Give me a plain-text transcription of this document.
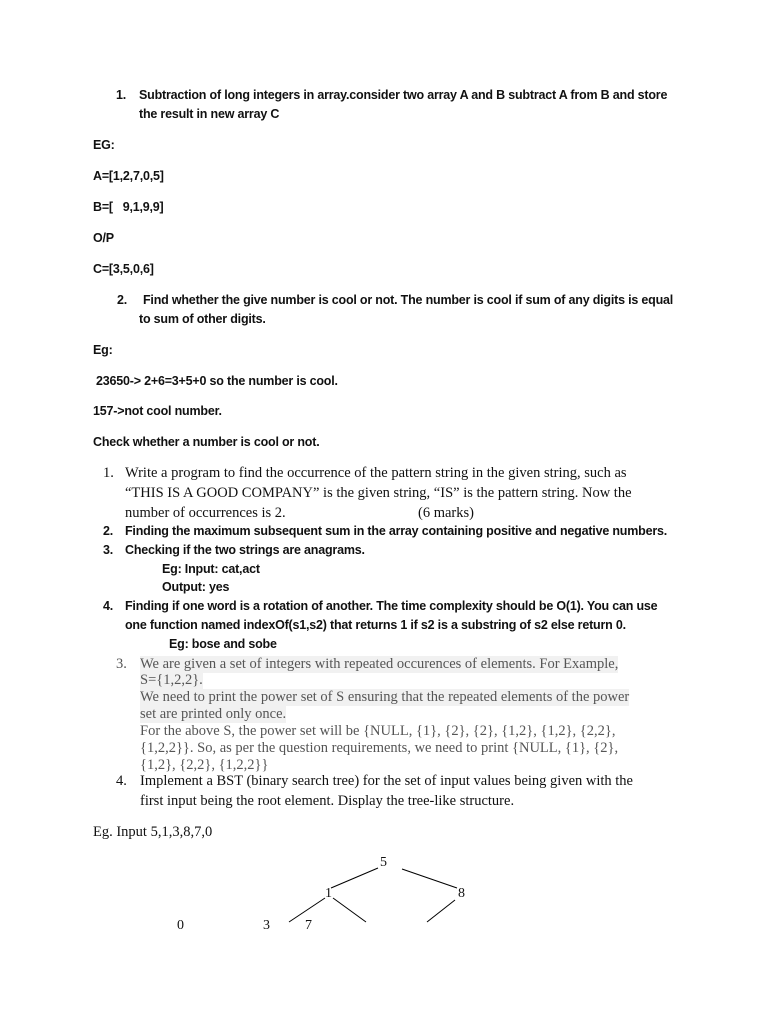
1. Subtraction of long integers in array.consider two array A and B subtract A from B and store
the result in new array C
EG:
A=[1,2,7,0,5]
B=[   9,1,9,9]
O/P
C=[3,5,0,6]
2. Find whether the give number is cool or not. The number is cool if sum of any digits is equal
to sum of other digits.
Eg:
23650-> 2+6=3+5+0 so the number is cool.
157->not cool number.
Check whether a number is cool or not.
1. Write a program to find the occurrence of the pattern string in the given string, such as
“THIS IS A GOOD COMPANY” is the given string, “IS” is the pattern string. Now the
number of occurrences is 2.	(6 marks)
2. Finding the maximum subsequent sum in the array containing positive and negative numbers.
3. Checking if the two strings are anagrams.
Eg: Input: cat,act
Output: yes
4. Finding if one word is a rotation of another. The time complexity should be O(1). You can use
one function named indexOf(s1,s2) that returns 1 if s2 is a substring of s2 else return 0.
Eg: bose and sobe
3. We are given a set of integers with repeated occurences of elements. For Example,
S={1,2,2}.
We need to print the power set of S ensuring that the repeated elements of the power
set are printed only once.
For the above S, the power set will be {NULL, {1}, {2}, {2}, {1,2}, {1,2}, {2,2},
{1,2,2}}. So, as per the question requirements, we need to print {NULL, {1}, {2},
{1,2}, {2,2}, {1,2,2}}
4. Implement a BST (binary search tree) for the set of input values being given with the
first input being the root element. Display the tree-like structure.
Eg. Input 5,1,3,8,7,0
5
1	8
0	3	7
